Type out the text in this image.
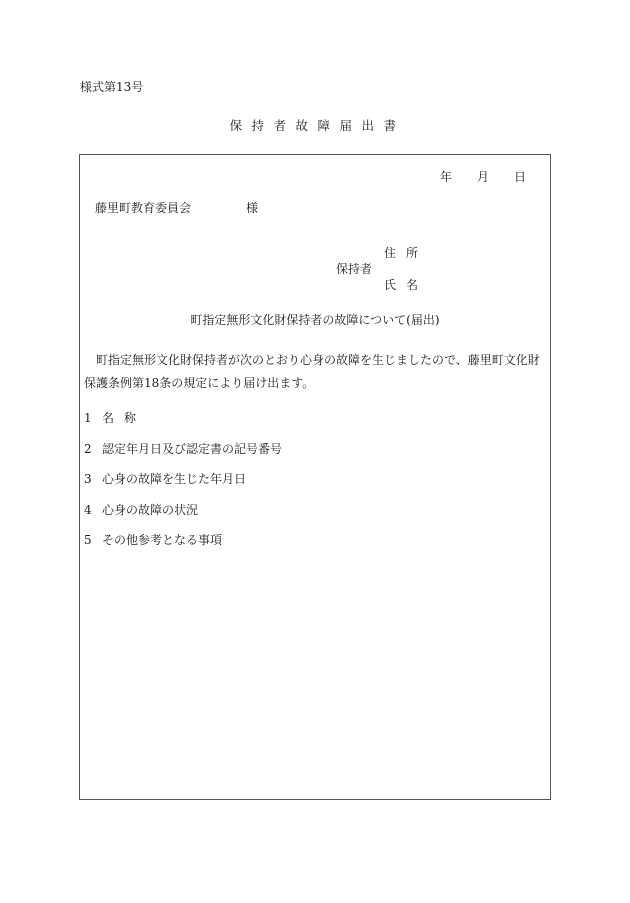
様式第13号
保持者故障届出書
年	月	日
藤里町教育委員会	様
住所
保持者
氏名
町指定無形文化財保持者の故障について(届出)
町指定無形文化財保持者が次のとおり心身の故障を生じましたので、藤里町文化財保護条例第18条の規定により届け出ます。
1 名称
2 認定年月日及び認定書の記号番号
3 心身の故障を生じた年月日
4 心身の故障の状況
5 その他参考となる事項
